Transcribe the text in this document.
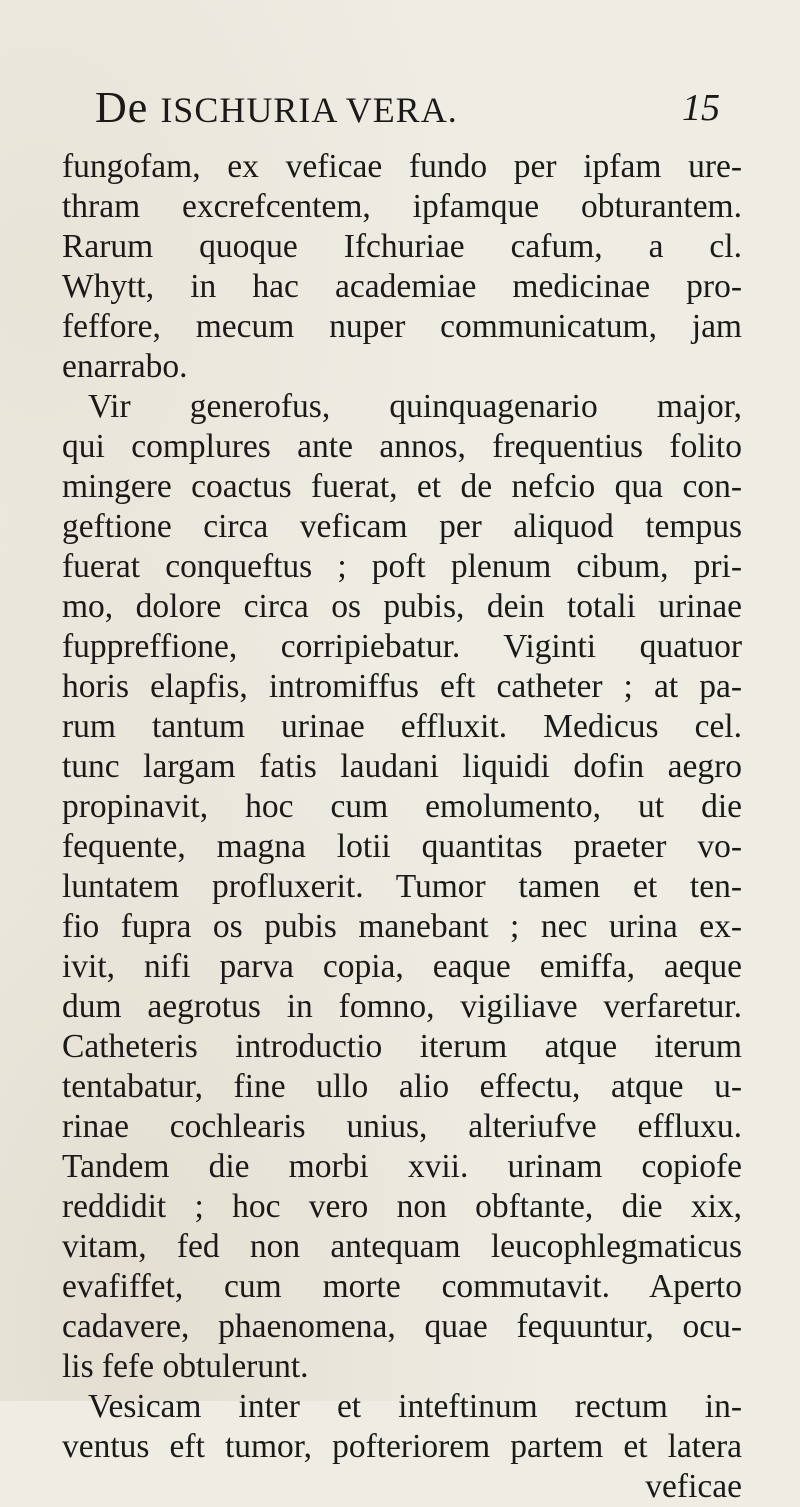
De ISCHURIA VERA.	15
fungofam, ex veficae fundo per ipfam ure-
thram excrefcentem, ipfamque obturantem.
Rarum quoque Ifchuriae cafum, a cl.
Whytt, in hac academiae medicinae pro-
feffore, mecum nuper communicatum, jam
enarrabo.
Vir generofus, quinquagenario major,
qui complures ante annos, frequentius folito
mingere coactus fuerat, et de nefcio qua con-
geftione circa veficam per aliquod tempus
fuerat conqueftus ; poft plenum cibum, pri-
mo, dolore circa os pubis, dein totali urinae
fuppreffione, corripiebatur. Viginti quatuor
horis elapfis, intromiffus eft catheter ; at pa-
rum tantum urinae effluxit. Medicus cel.
tunc largam fatis laudani liquidi dofin aegro
propinavit, hoc cum emolumento, ut die
fequente, magna lotii quantitas praeter vo-
luntatem profluxerit. Tumor tamen et ten-
fio fupra os pubis manebant ; nec urina ex-
ivit, nifi parva copia, eaque emiffa, aeque
dum aegrotus in fomno, vigiliave verfaretur.
Catheteris introductio iterum atque iterum
tentabatur, fine ullo alio effectu, atque u-
rinae cochlearis unius, alteriufve effluxu.
Tandem die morbi xvii. urinam copiofe
reddidit ; hoc vero non obftante, die xix,
vitam, fed non antequam leucophlegmaticus
evafiffet, cum morte commutavit. Aperto
cadavere, phaenomena, quae fequuntur, ocu-
lis fefe obtulerunt.
Vesicam inter et inteftinum rectum in-
ventus eft tumor, pofteriorem partem et latera
veficae
